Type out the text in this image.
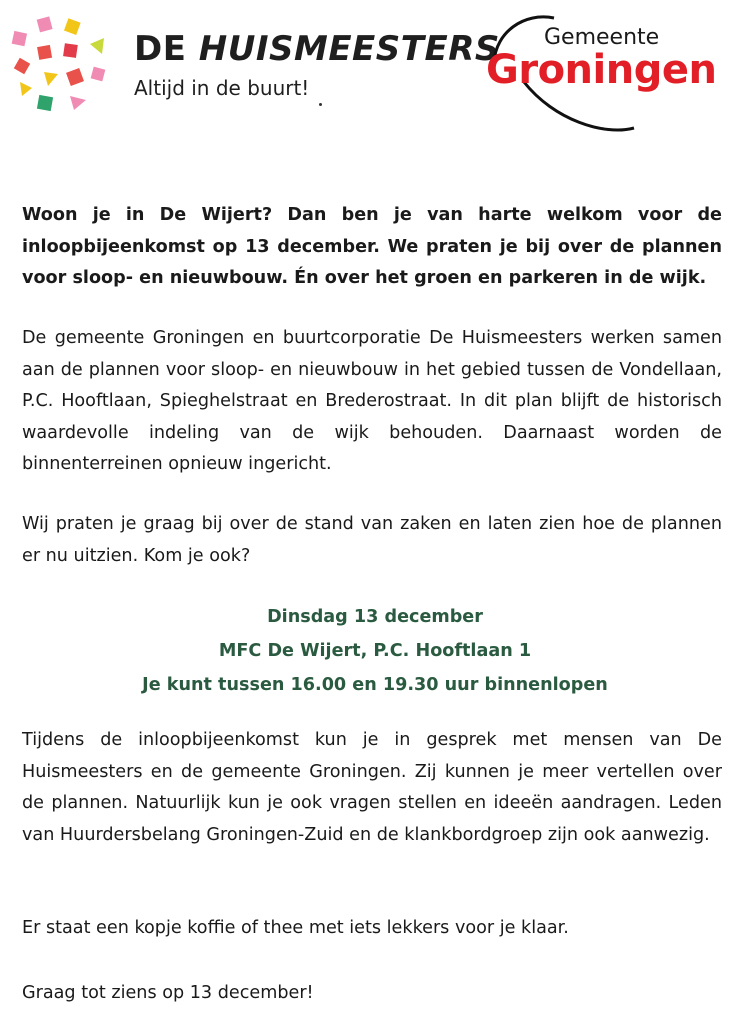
DE HUISMEESTERS
Altijd in de buurt!
Gemeente
Groningen

Woon je in De Wijert? Dan ben je van harte welkom voor de inloopbijeenkomst op 13 december. We praten je bij over de plannen voor sloop- en nieuwbouw. Én over het groen en parkeren in de wijk.

De gemeente Groningen en buurtcorporatie De Huismeesters werken samen aan de plannen voor sloop- en nieuwbouw in het gebied tussen de Vondellaan, P.C. Hooftlaan, Spieghelstraat en Brederostraat. In dit plan blijft de historisch waardevolle indeling van de wijk behouden. Daarnaast worden de binnenterreinen opnieuw ingericht.

Wij praten je graag bij over de stand van zaken en laten zien hoe de plannen er nu uitzien. Kom je ook?

Dinsdag 13 december
MFC De Wijert, P.C. Hooftlaan 1
Je kunt tussen 16.00 en 19.30 uur binnenlopen

Tijdens de inloopbijeenkomst kun je in gesprek met mensen van De Huismeesters en de gemeente Groningen. Zij kunnen je meer vertellen over de plannen. Natuurlijk kun je ook vragen stellen en ideeën aandragen. Leden van Huurdersbelang Groningen-Zuid en de klankbordgroep zijn ook aanwezig.

Er staat een kopje koffie of thee met iets lekkers voor je klaar.

Graag tot ziens op 13 december!
